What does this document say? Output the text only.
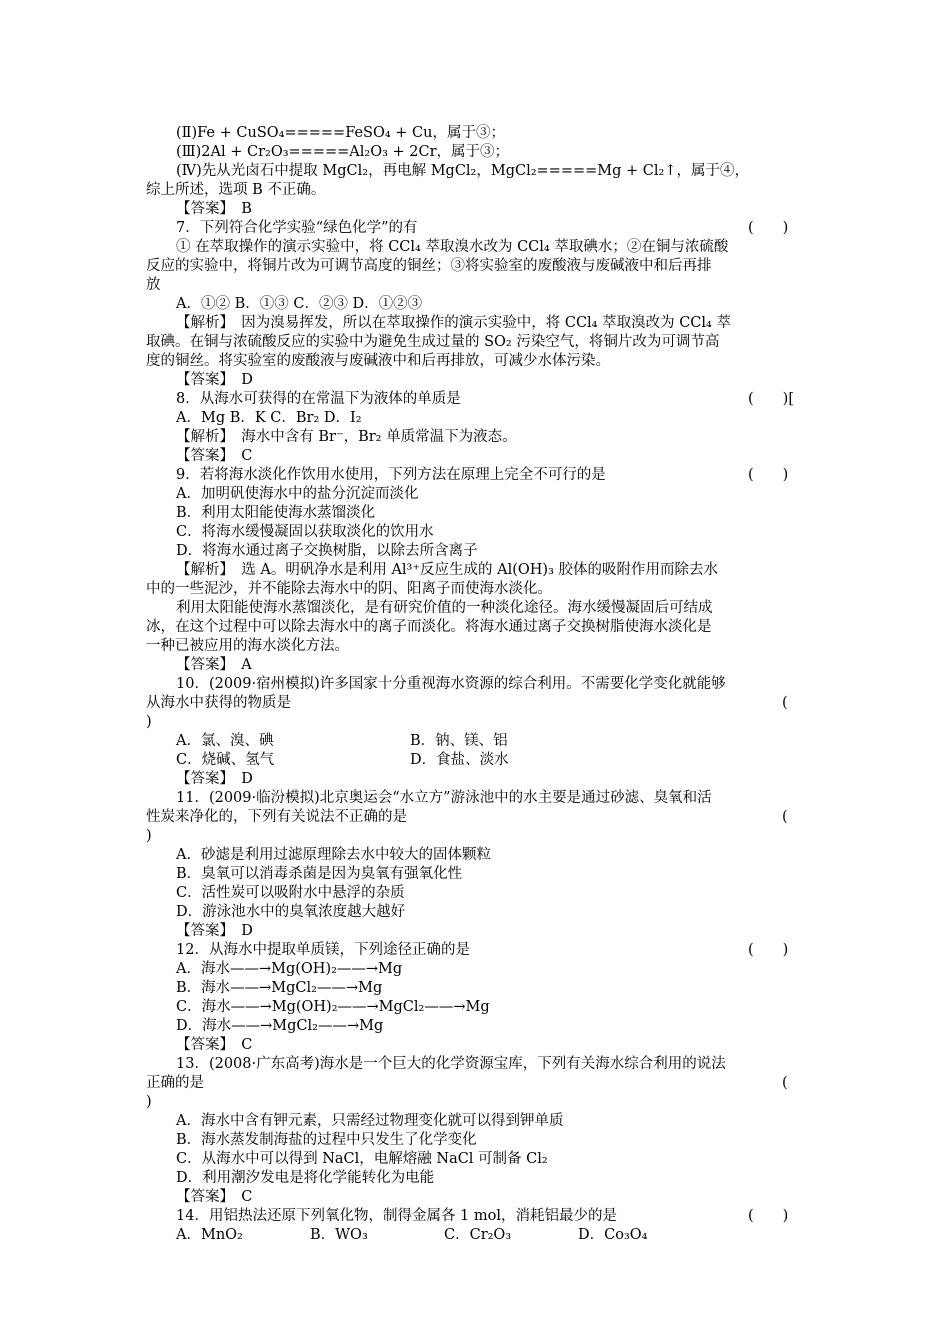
(Ⅱ)Fe + CuSO₄=====FeSO₄ + Cu，属于③；
(Ⅲ)2Al + Cr₂O₃=====Al₂O₃ + 2Cr，属于③；
(Ⅳ)先从光卤石中提取 MgCl₂，再电解 MgCl₂，MgCl₂=====Mg + Cl₂↑，属于④，
综上所述，选项 B 不正确。
【答案】　B
7．下列符合化学实验“绿色化学”的有	(　　)
① 在萃取操作的演示实验中，将 CCl₄ 萃取溴水改为 CCl₄ 萃取碘水；②在铜与浓硫酸
反应的实验中，将铜片改为可调节高度的铜丝；③将实验室的废酸液与废碱液中和后再排
放
A．①② B．①③ C．②③ D．①②③
【解析】　因为溴易挥发，所以在萃取操作的演示实验中，将 CCl₄ 萃取溴改为 CCl₄ 萃
取碘。在铜与浓硫酸反应的实验中为避免生成过量的 SO₂ 污染空气，将铜片改为可调节高
度的铜丝。将实验室的废酸液与废碱液中和后再排放，可减少水体污染。
【答案】　D
8．从海水可获得的在常温下为液体的单质是	(　　)[
A．Mg B．K C．Br₂ D．I₂
【解析】　海水中含有 Br⁻，Br₂ 单质常温下为液态。
【答案】　C
9．若将海水淡化作饮用水使用，下列方法在原理上完全不可行的是	(　　)
A．加明矾使海水中的盐分沉淀而淡化
B．利用太阳能使海水蒸馏淡化
C．将海水缓慢凝固以获取淡化的饮用水
D．将海水通过离子交换树脂，以除去所含离子
【解析】　选 A。明矾净水是利用 Al³⁺反应生成的 Al(OH)₃ 胶体的吸附作用而除去水
中的一些泥沙，并不能除去海水中的阴、阳离子而使海水淡化。
利用太阳能使海水蒸馏淡化，是有研究价值的一种淡化途径。海水缓慢凝固后可结成
冰，在这个过程中可以除去海水中的离子而淡化。将海水通过离子交换树脂使海水淡化是
一种已被应用的海水淡化方法。
【答案】　A
10．(2009·宿州模拟)许多国家十分重视海水资源的综合利用。不需要化学变化就能够
从海水中获得的物质是	(
)
A．氯、溴、碘	B．钠、镁、铝
C．烧碱、氢气	D．食盐、淡水
【答案】　D
11．(2009·临汾模拟)北京奥运会“水立方”游泳池中的水主要是通过砂滤、臭氧和活
性炭来净化的，下列有关说法不正确的是	(
)
A．砂滤是利用过滤原理除去水中较大的固体颗粒
B．臭氧可以消毒杀菌是因为臭氧有强氧化性
C．活性炭可以吸附水中悬浮的杂质
D．游泳池水中的臭氧浓度越大越好
【答案】　D
12．从海水中提取单质镁，下列途径正确的是	(　　)
A．海水——→Mg(OH)₂——→Mg
B．海水——→MgCl₂——→Mg
C．海水——→Mg(OH)₂——→MgCl₂——→Mg
D．海水——→MgCl₂——→Mg
【答案】　C
13．(2008·广东高考)海水是一个巨大的化学资源宝库，下列有关海水综合利用的说法
正确的是	(
)
A．海水中含有钾元素，只需经过物理变化就可以得到钾单质
B．海水蒸发制海盐的过程中只发生了化学变化
C．从海水中可以得到 NaCl，电解熔融 NaCl 可制备 Cl₂
D．利用潮汐发电是将化学能转化为电能
【答案】　C
14．用铝热法还原下列氧化物，制得金属各 1 mol，消耗铝最少的是	(　　)
A．MnO₂	B．WO₃	C．Cr₂O₃	D．Co₃O₄
